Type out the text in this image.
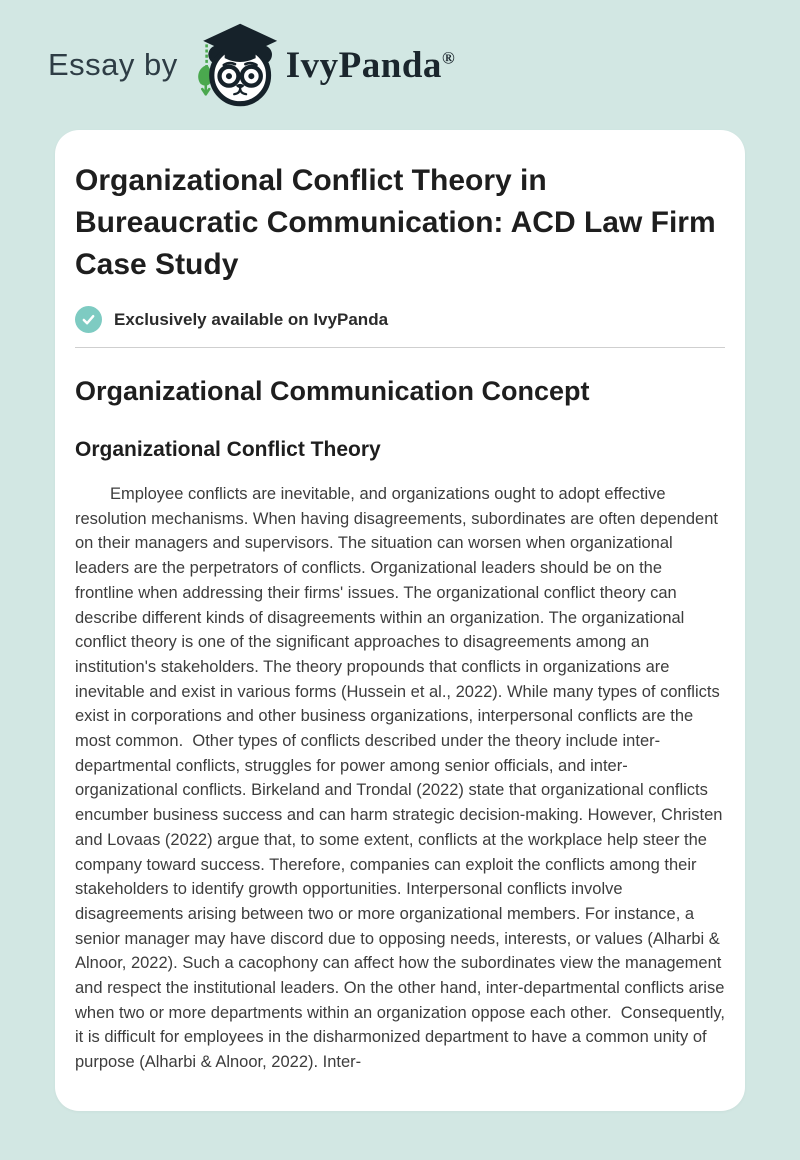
Essay by	IvyPanda®
Organizational Conflict Theory in Bureaucratic Communication: ACD Law Firm Case Study
Exclusively available on IvyPanda
Organizational Communication Concept
Organizational Conflict Theory

Employee conflicts are inevitable, and organizations ought to adopt effective resolution mechanisms. When having disagreements, subordinates are often dependent on their managers and supervisors. The situation can worsen when organizational leaders are the perpetrators of conflicts. Organizational leaders should be on the frontline when addressing their firms' issues. The organizational conflict theory can describe different kinds of disagreements within an organization. The organizational conflict theory is one of the significant approaches to disagreements among an institution's stakeholders. The theory propounds that conflicts in organizations are inevitable and exist in various forms (Hussein et al., 2022). While many types of conflicts exist in corporations and other business organizations, interpersonal conflicts are the most common.  Other types of conflicts described under the theory include inter-departmental conflicts, struggles for power among senior officials, and inter-organizational conflicts. Birkeland and Trondal (2022) state that organizational conflicts encumber business success and can harm strategic decision-making. However, Christen and Lovaas (2022) argue that, to some extent, conflicts at the workplace help steer the company toward success. Therefore, companies can exploit the conflicts among their stakeholders to identify growth opportunities. Interpersonal conflicts involve disagreements arising between two or more organizational members. For instance, a senior manager may have discord due to opposing needs, interests, or values (Alharbi & Alnoor, 2022). Such a cacophony can affect how the subordinates view the management and respect the institutional leaders. On the other hand, inter-departmental conflicts arise when two or more departments within an organization oppose each other.  Consequently, it is difficult for employees in the disharmonized department to have a common unity of purpose (Alharbi & Alnoor, 2022). Inter-
